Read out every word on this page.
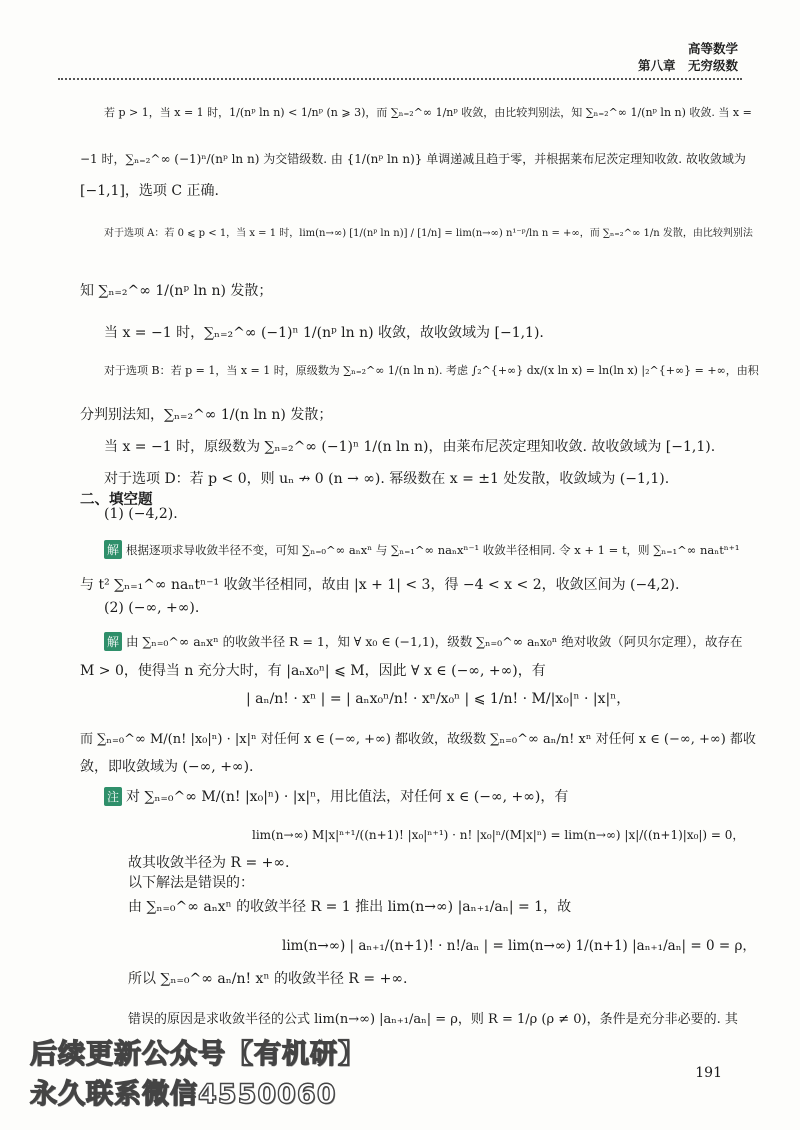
高等数学
第八章　无穷级数
若 p > 1，当 x = 1 时，1/(nᵖ ln n) < 1/nᵖ (n ⩾ 3)，而 ∑ₙ₌₂^∞ 1/nᵖ 收敛，由比较判别法，知 ∑ₙ₌₂^∞ 1/(nᵖ ln n) 收敛. 当 x =
−1 时，∑ₙ₌₂^∞ (−1)ⁿ/(nᵖ ln n) 为交错级数. 由 {1/(nᵖ ln n)} 单调递减且趋于零，并根据莱布尼茨定理知收敛. 故收敛域为
[−1,1]，选项 C 正确.
对于选项 A：若 0 ⩽ p < 1，当 x = 1 时，lim(n→∞) [1/(nᵖ ln n)] / [1/n] = lim(n→∞) n¹⁻ᵖ/ln n = +∞，而 ∑ₙ₌₂^∞ 1/n 发散，由比较判别法
知 ∑ₙ₌₂^∞ 1/(nᵖ ln n) 发散；
当 x = −1 时，∑ₙ₌₂^∞ (−1)ⁿ 1/(nᵖ ln n) 收敛，故收敛域为 [−1,1).
对于选项 B：若 p = 1，当 x = 1 时，原级数为 ∑ₙ₌₂^∞ 1/(n ln n). 考虑 ∫₂^{+∞} dx/(x ln x) = ln(ln x) |₂^{+∞} = +∞，由积
分判别法知，∑ₙ₌₂^∞ 1/(n ln n) 发散；
当 x = −1 时，原级数为 ∑ₙ₌₂^∞ (−1)ⁿ 1/(n ln n)，由莱布尼茨定理知收敛. 故收敛域为 [−1,1).
对于选项 D：若 p < 0，则 uₙ ↛ 0 (n → ∞). 幂级数在 x = ±1 处发散，收敛域为 (−1,1).
二、填空题
(1) (−4,2).
解 根据逐项求导收敛半径不变，可知 ∑ₙ₌₀^∞ aₙxⁿ 与 ∑ₙ₌₁^∞ naₙxⁿ⁻¹ 收敛半径相同. 令 x + 1 = t，则 ∑ₙ₌₁^∞ naₙtⁿ⁺¹
与 t² ∑ₙ₌₁^∞ naₙtⁿ⁻¹ 收敛半径相同，故由 |x + 1| < 3，得 −4 < x < 2，收敛区间为 (−4,2).
(2) (−∞, +∞).
解 由 ∑ₙ₌₀^∞ aₙxⁿ 的收敛半径 R = 1，知 ∀ x₀ ∈ (−1,1)，级数 ∑ₙ₌₀^∞ aₙx₀ⁿ 绝对收敛（阿贝尔定理），故存在
M > 0，使得当 n 充分大时，有 |aₙx₀ⁿ| ⩽ M，因此 ∀ x ∈ (−∞, +∞)，有
| aₙ/n! · xⁿ | = | aₙx₀ⁿ/n! · xⁿ/x₀ⁿ | ⩽ 1/n! · M/|x₀|ⁿ · |x|ⁿ，
而 ∑ₙ₌₀^∞ M/(n! |x₀|ⁿ) · |x|ⁿ 对任何 x ∈ (−∞, +∞) 都收敛，故级数 ∑ₙ₌₀^∞ aₙ/n! xⁿ 对任何 x ∈ (−∞, +∞) 都收
敛，即收敛域为 (−∞, +∞).
注 对 ∑ₙ₌₀^∞ M/(n! |x₀|ⁿ) · |x|ⁿ，用比值法，对任何 x ∈ (−∞, +∞)，有
lim(n→∞) M|x|ⁿ⁺¹/((n+1)! |x₀|ⁿ⁺¹) · n! |x₀|ⁿ/(M|x|ⁿ) = lim(n→∞) |x|/((n+1)|x₀|) = 0，
故其收敛半径为 R = +∞.
以下解法是错误的：
由 ∑ₙ₌₀^∞ aₙxⁿ 的收敛半径 R = 1 推出 lim(n→∞) |aₙ₊₁/aₙ| = 1，故
lim(n→∞) | aₙ₊₁/(n+1)! · n!/aₙ | = lim(n→∞) 1/(n+1) |aₙ₊₁/aₙ| = 0 = ρ，
所以 ∑ₙ₌₀^∞ aₙ/n! xⁿ 的收敛半径 R = +∞.
错误的原因是求收敛半径的公式 lim(n→∞) |aₙ₊₁/aₙ| = ρ，则 R = 1/ρ (ρ ≠ 0)，条件是充分非必要的. 其
191
后续更新公众号【有机研】
永久联系微信4550060
